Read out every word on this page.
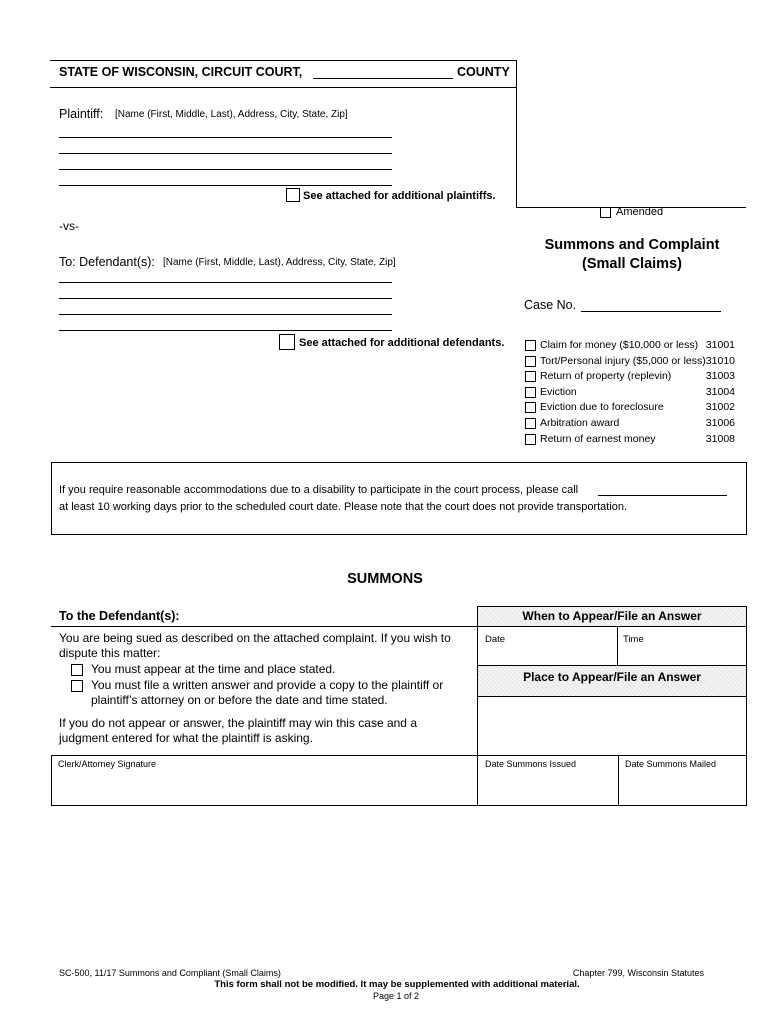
STATE OF WISCONSIN, CIRCUIT COURT,	COUNTY
Plaintiff: [Name (First, Middle, Last), Address, City, State, Zip]
See attached for additional plaintiffs.
Amended
-vs-
To: Defendant(s): [Name (First, Middle, Last), Address, City, State, Zip]
See attached for additional defendants.
Summons and Complaint
(Small Claims)
Case No.
Claim for money ($10,000 or less) 31001
Tort/Personal injury ($5,000 or less) 31010
Return of property (replevin)	31003
Eviction	31004
Eviction due to foreclosure	31002
Arbitration award	31006
Return of earnest money	31008
If you require reasonable accommodations due to a disability to participate in the court process, please call
at least 10 working days prior to the scheduled court date. Please note that the court does not provide transportation.
SUMMONS
To the Defendant(s):
You are being sued as described on the attached complaint. If you wish to
dispute this matter:
You must appear at the time and place stated.
You must file a written answer and provide a copy to the plaintiff or
plaintiff’s attorney on or before the date and time stated.
If you do not appear or answer, the plaintiff may win this case and a
judgment entered for what the plaintiff is asking.
When to Appear/File an Answer
Date	Time
Place to Appear/File an Answer
Clerk/Attorney Signature	Date Summons Issued	Date Summons Mailed
SC-500, 11/17 Summons and Compliant (Small Claims)	Chapter 799, Wisconsin Statutes
This form shall not be modified. It may be supplemented with additional material.
Page 1 of 2
